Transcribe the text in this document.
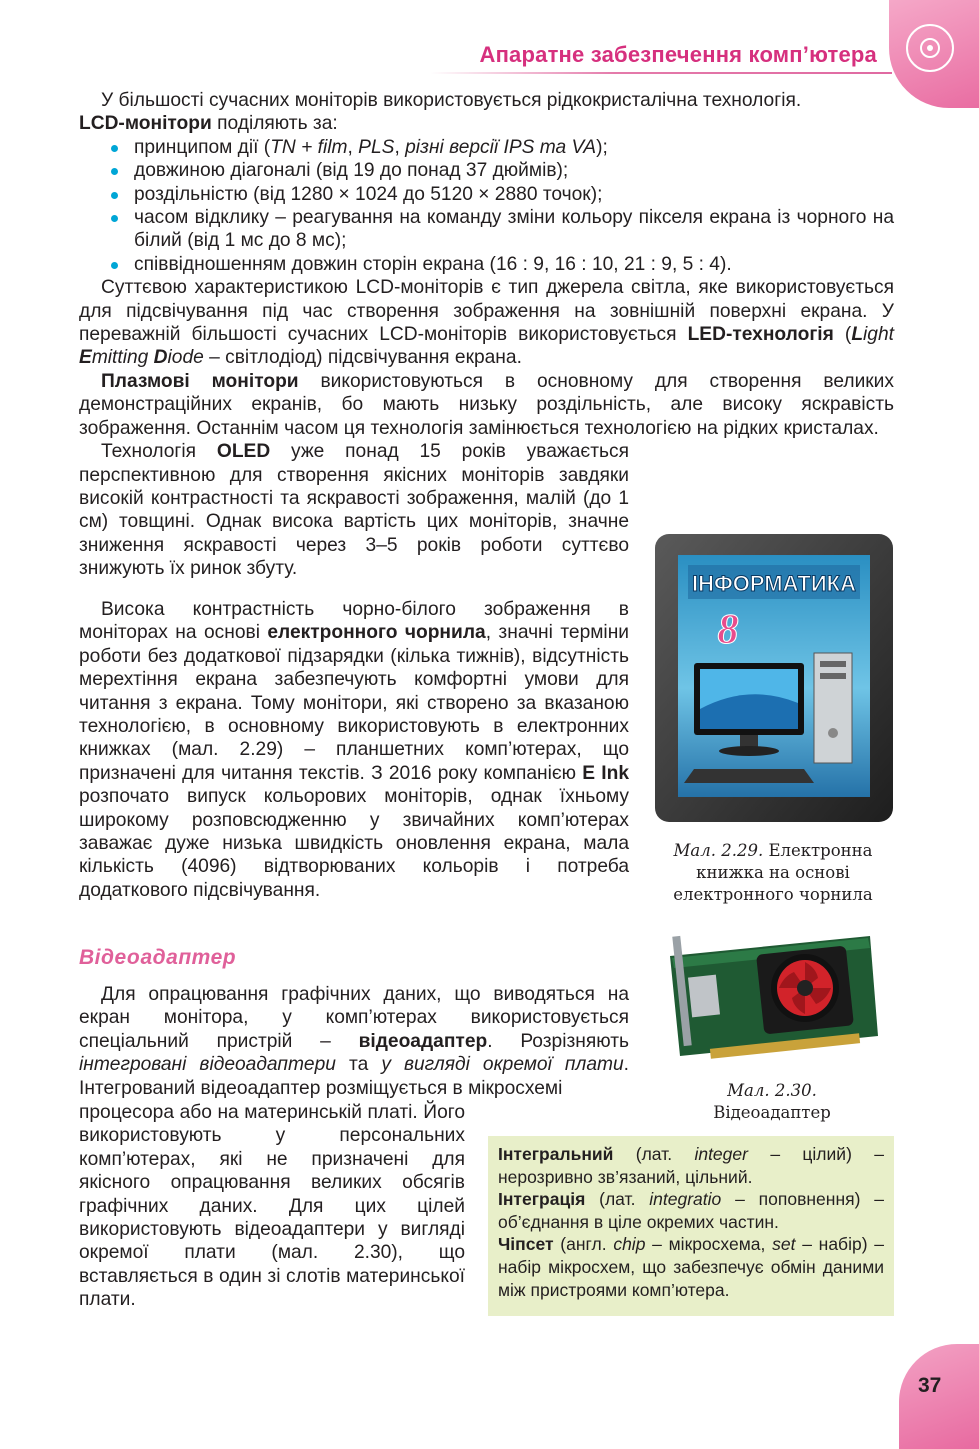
Апаратне забезпечення комп’ютера

У більшості сучасних моніторів використовується рідкокристалічна технологія.

LCD-монітори поділяють за:

принципом дії (TN + film, PLS, різні версії IPS та VA);
довжиною діагоналі (від 19 до понад 37 дюймів);
роздільністю (від 1280 × 1024 до 5120 × 2880 точок);
часом відклику – реагування на команду зміни кольору пікселя екрана із чорного на білий (від 1 мс до 8 мс);
співвідношенням довжин сторін екрана (16 : 9, 16 : 10, 21 : 9, 5 : 4).

Суттєвою характеристикою LCD-моніторів є тип джерела світла, яке використовується для підсвічування під час створення зображення на зовнішній поверхні екрана. У переважній більшості сучасних LCD-моніторів використовується LED-технологія (Light Emitting Diode – світлодіод) підсвічування екрана.

Плазмові монітори використовуються в основному для створення великих демонстраційних екранів, бо мають низьку роздільність, але високу яскравість зображення. Останнім часом ця технологія замінюється технологією на рідких кристалах.

Технологія OLED уже понад 15 років уважається перспективною для створення якісних моніторів завдяки високій контрастності та яскравості зображення, малій (до 1 см) товщині. Однак висока вартість цих моніторів, значне зниження яскравості через 3–5 років роботи суттєво знижують їх ринок збуту.

Висока контрастність чорно-білого зображення в моніторах на основі електронного чорнила, значні терміни роботи без додаткової підзарядки (кілька тижнів), відсутність мерехтіння екрана забезпечують комфортні умови для читання з екрана. Тому монітори, які створено за вказаною технологією, в основному використовують в електронних книжках (мал. 2.29) – планшетних комп’ютерах, що призначені для читання текстів. З 2016 року компанією E Ink розпочато випуск кольорових моніторів, однак їхньому широкому розповсюдженню у звичайних комп’ютерах заважає дуже низька швидкість оновлення екрана, мала кількість (4096) відтворюваних кольорів і потреба додаткового підсвічування.

ІНФОРМАТИКА
8
Мал. 2.29. Електронна книжка на основі електронного чорнила
Відеоадаптер

Для опрацювання графічних даних, що виводяться на екран монітора, у комп’ютерах використовується спеціальний пристрій – відеоадаптер. Розрізняють інтегровані відеоадаптери та у вигляді окремої плати. Інтегрований відеоадаптер розміщується в мікросхемі

процесора або на материнській платі. Його використовують у персональних комп’ютерах, які не призначені для якісного опрацювання великих обсягів графічних даних. Для цих цілей використовують відеоадаптери у вигляді окремої плати (мал. 2.30), що вставляється в один зі слотів материнської плати.

Мал. 2.30.
Відеоадаптер

Інтегральний (лат. integer – цілий) – нерозривно зв’язаний, цільний.

Інтеграція (лат. integratio – поповнення) – об’єднання в ціле окремих частин.

Чіпсет (англ. chip – мікросхема, set – набір) – набір мікросхем, що забезпечує обмін даними між пристроями комп’ютера.

37
